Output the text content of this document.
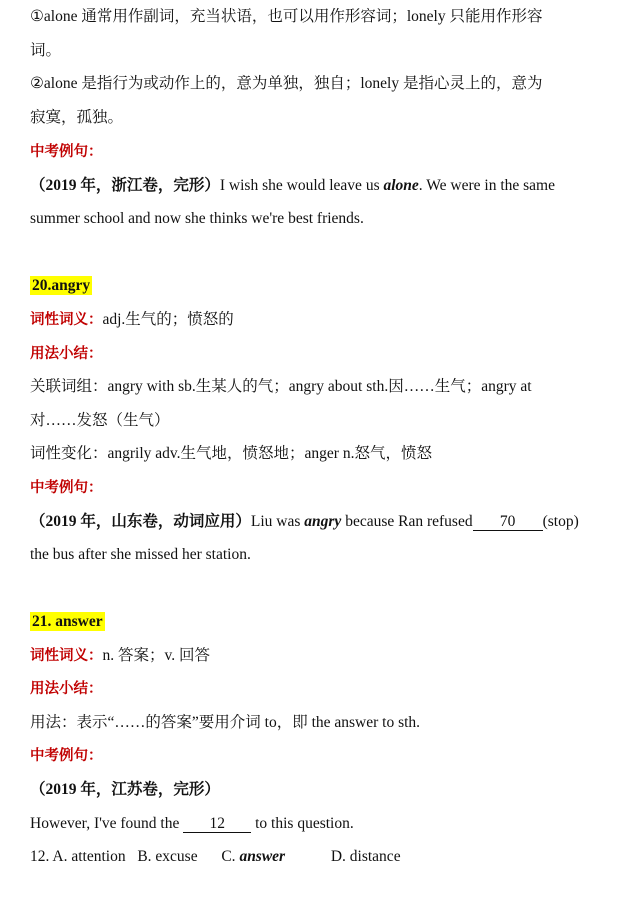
①alone 通常用作副词，充当状语，也可以用作形容词；lonely 只能用作形容
词。
②alone 是指行为或动作上的，意为单独，独自；lonely 是指心灵上的，意为
寂寞，孤独。
中考例句：
（2019 年，浙江卷，完形）I wish she would leave us alone. We were in the same
summer school and now she thinks we're best friends.
20.angry
词性词义：adj.生气的；愤怒的
用法小结：
关联词组：angry with sb.生某人的气；angry about sth.因……生气；angry at
对……发怒（生气）
词性变化：angrily adv.生气地，愤怒地；anger n.怒气，愤怒
中考例句：
（2019 年，山东卷，动词应用）Liu was angry because Ran refused 70 (stop)
the bus after she missed her station.
21. answer
词性词义：n. 答案；v. 回答
用法小结：
用法：表示“……的答案”要用介词 to，即 the answer to sth.
中考例句：
（2019 年，江苏卷，完形）
However, I've found the 12 to this question.
12. A. attention B. excuse C. answer	D. distance
